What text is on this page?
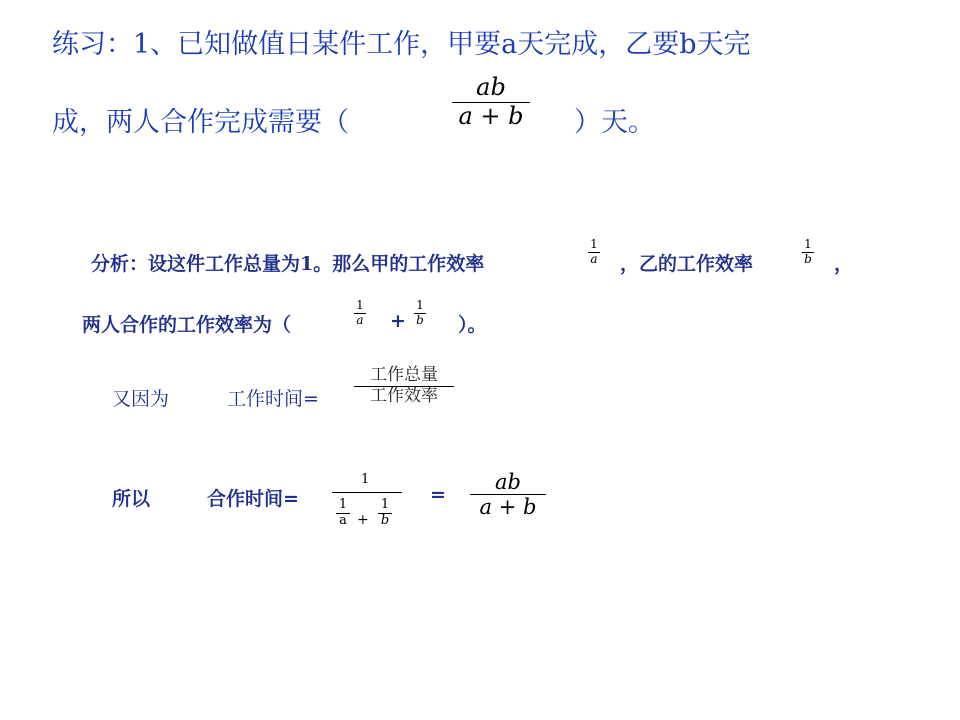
练习：1、已知做值日某件工作，甲要a天完成，乙要b天完
成，两人合作完成需要（
ab
a + b ）天。
分析：设这件工作总量为1。那么甲的工作效率
1
a ，乙的工作效率
1
b ，
两人合作的工作效率为（
1
a +
1
b ）。
又因为	工作时间=
工作总量
工作效率
所以	合作时间=
1
1
a +
1
b
=
ab
a + b
